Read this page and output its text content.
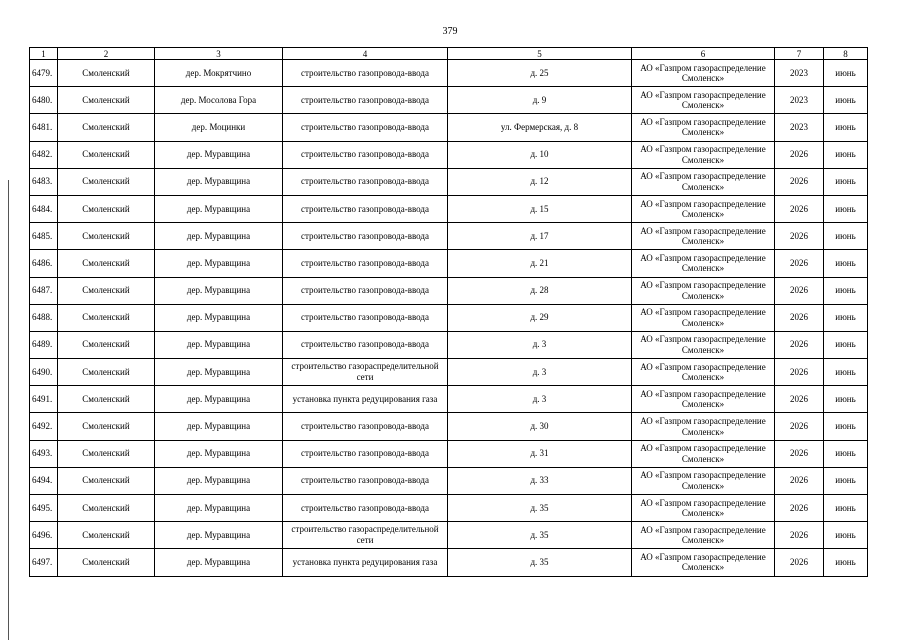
379
1	2	3	4	5	6	7	8
6479.	Смоленский	дер. Мокрятчино	строительство газопровода-ввода	д. 25	АО «Газпром газораспределение Смоленск»	2023	июнь
6480.	Смоленский	дер. Мосолова Гора	строительство газопровода-ввода	д. 9	АО «Газпром газораспределение Смоленск»	2023	июнь
6481.	Смоленский	дер. Моцинки	строительство газопровода-ввода	ул. Фермерская, д. 8	АО «Газпром газораспределение Смоленск»	2023	июнь
6482.	Смоленский	дер. Муравщина	строительство газопровода-ввода	д. 10	АО «Газпром газораспределение Смоленск»	2026	июнь
6483.	Смоленский	дер. Муравщина	строительство газопровода-ввода	д. 12	АО «Газпром газораспределение Смоленск»	2026	июнь
6484.	Смоленский	дер. Муравщина	строительство газопровода-ввода	д. 15	АО «Газпром газораспределение Смоленск»	2026	июнь
6485.	Смоленский	дер. Муравщина	строительство газопровода-ввода	д. 17	АО «Газпром газораспределение Смоленск»	2026	июнь
6486.	Смоленский	дер. Муравщина	строительство газопровода-ввода	д. 21	АО «Газпром газораспределение Смоленск»	2026	июнь
6487.	Смоленский	дер. Муравщина	строительство газопровода-ввода	д. 28	АО «Газпром газораспределение Смоленск»	2026	июнь
6488.	Смоленский	дер. Муравщина	строительство газопровода-ввода	д. 29	АО «Газпром газораспределение Смоленск»	2026	июнь
6489.	Смоленский	дер. Муравщина	строительство газопровода-ввода	д. 3	АО «Газпром газораспределение Смоленск»	2026	июнь
6490.	Смоленский	дер. Муравщина	строительство газораспределительной сети	д. 3	АО «Газпром газораспределение Смоленск»	2026	июнь
6491.	Смоленский	дер. Муравщина	установка пункта редуцирования газа	д. 3	АО «Газпром газораспределение Смоленск»	2026	июнь
6492.	Смоленский	дер. Муравщина	строительство газопровода-ввода	д. 30	АО «Газпром газораспределение Смоленск»	2026	июнь
6493.	Смоленский	дер. Муравщина	строительство газопровода-ввода	д. 31	АО «Газпром газораспределение Смоленск»	2026	июнь
6494.	Смоленский	дер. Муравщина	строительство газопровода-ввода	д. 33	АО «Газпром газораспределение Смоленск»	2026	июнь
6495.	Смоленский	дер. Муравщина	строительство газопровода-ввода	д. 35	АО «Газпром газораспределение Смоленск»	2026	июнь
6496.	Смоленский	дер. Муравщина	строительство газораспределительной сети	д. 35	АО «Газпром газораспределение Смоленск»	2026	июнь
6497.	Смоленский	дер. Муравщина	установка пункта редуцирования газа	д. 35	АО «Газпром газораспределение Смоленск»	2026	июнь
